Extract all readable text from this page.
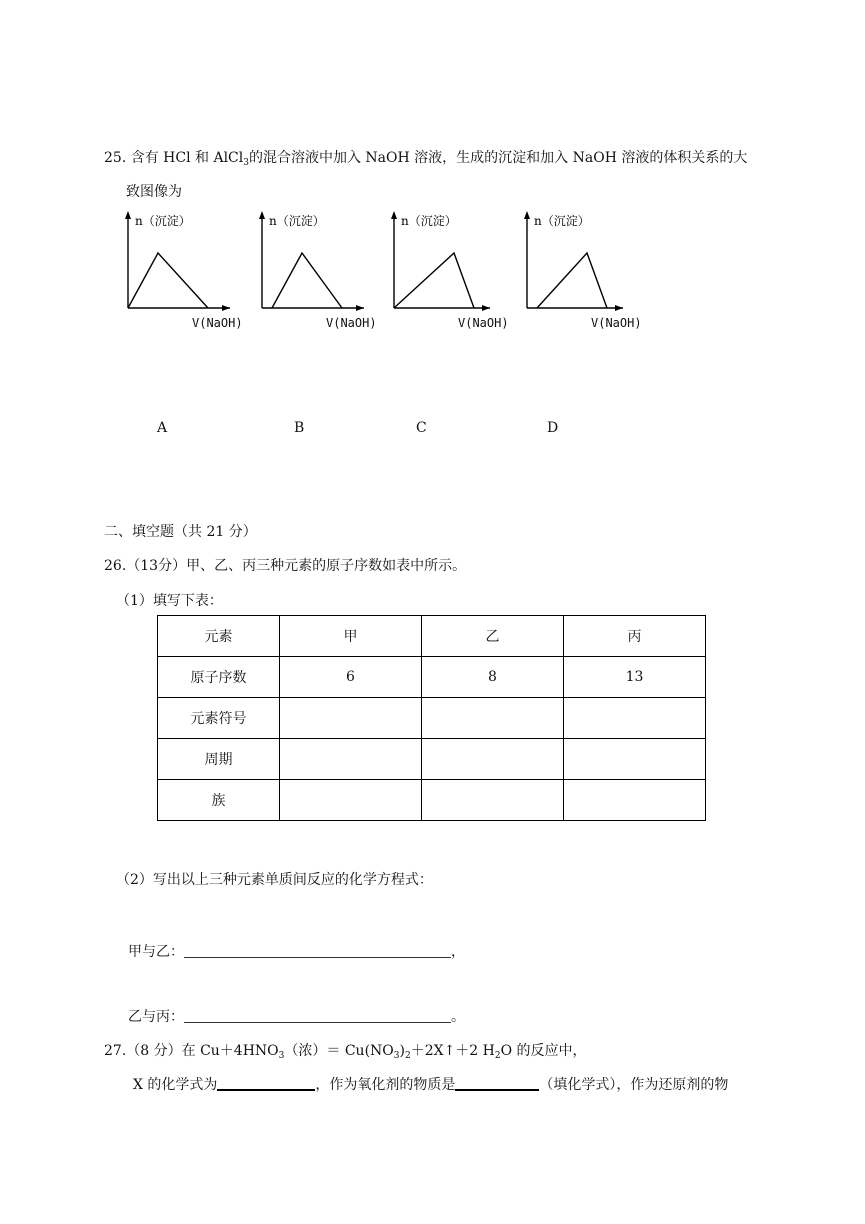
25. 含有 HCl 和 AlCl$_3$的混合溶液中加入 NaOH 溶液，生成的沉淀和加入 NaOH 溶液的体积关系的大
致图像为
n（沉淀）
V(NaOH)
n（沉淀）
V(NaOH)
n（沉淀）
V(NaOH)
n（沉淀）
V(NaOH)
A	B	C	D
二、填空题（共 21 分）
26.（13分）甲、乙、丙三种元素的原子序数如表中所示。
（1）填写下表：
元素	甲	乙	丙
原子序数	6	8	13
元素符号			
周期			
族			
（2）写出以上三种元素单质间反应的化学方程式：
甲与乙：	，
乙与丙：	。
27.（8 分）在 $Cu+4HNO_3$（浓）＝ $Cu(NO_3)_2+2X↑+2$ $H_2O$ 的反应中，
X 的化学式为	，作为氧化剂的物质是	（填化学式），作为还原剂的物
